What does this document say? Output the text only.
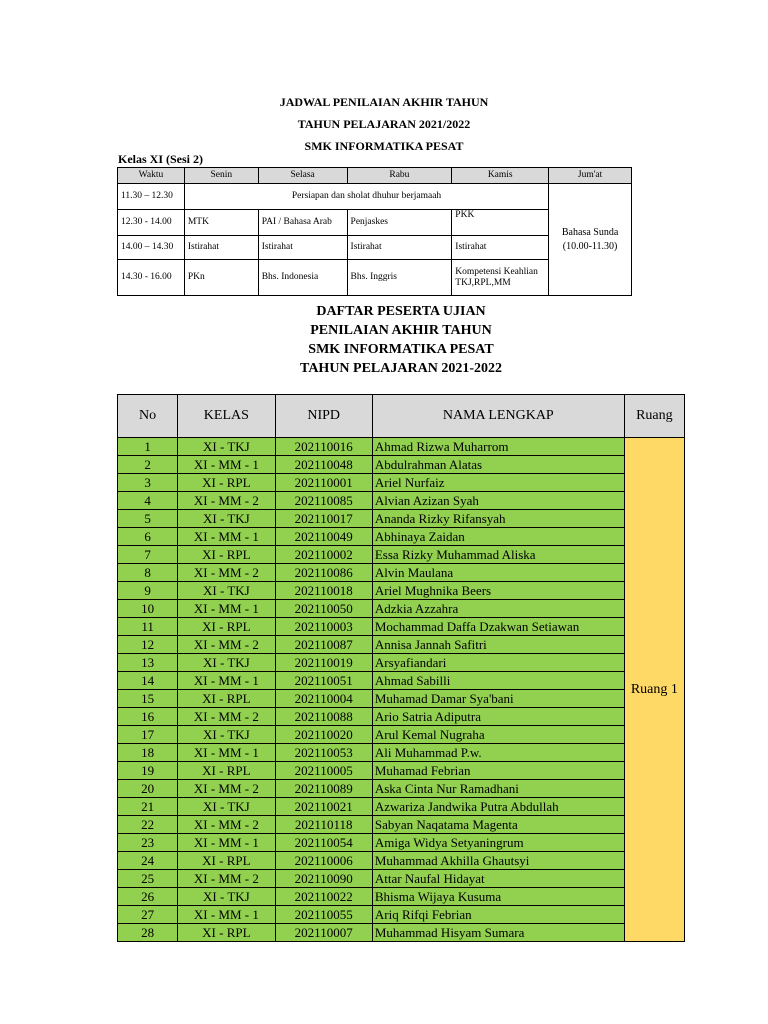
JADWAL PENILAIAN AKHIR TAHUN
TAHUN PELAJARAN 2021/2022
SMK INFORMATIKA PESAT
Kelas XI (Sesi 2)
Waktu	Senin	Selasa	Rabu	Kamis	Jum'at
11.30 – 12.30	Persiapan dan sholat dhuhur berjamaah				Bahasa Sunda
(10.00-11.30)

12.30 - 14.00	MTK	PAI / Bahasa Arab	Penjaskes	PKK	
14.00 – 14.30	Istirahat	Istirahat	Istirahat	Istirahat	
14.30 - 16.00	PKn	Bhs. Indonesia	Bhs. Inggris	Kompetensi Keahlian TKJ,RPL,MM	
DAFTAR PESERTA UJIAN
PENILAIAN AKHIR TAHUN
SMK INFORMATIKA PESAT
TAHUN PELAJARAN 2021-2022
No	KELAS	NIPD	NAMA LENGKAP	Ruang
1	XI - TKJ	202110016	Ahmad Rizwa Muharrom	Ruang 1
2	XI - MM - 1	202110048	Abdulrahman Alatas	
3	XI - RPL	202110001	Ariel Nurfaiz	
4	XI - MM - 2	202110085	Alvian Azizan Syah	
5	XI - TKJ	202110017	Ananda Rizky Rifansyah	
6	XI - MM - 1	202110049	Abhinaya Zaidan	
7	XI - RPL	202110002	Essa Rizky Muhammad Aliska	
8	XI - MM - 2	202110086	Alvin Maulana	
9	XI - TKJ	202110018	Ariel Mughnika Beers	
10	XI - MM - 1	202110050	Adzkia Azzahra	
11	XI - RPL	202110003	Mochammad Daffa Dzakwan Setiawan	
12	XI - MM - 2	202110087	Annisa Jannah Safitri	
13	XI - TKJ	202110019	Arsyafiandari	
14	XI - MM - 1	202110051	Ahmad Sabilli	
15	XI - RPL	202110004	Muhamad Damar Sya'bani	
16	XI - MM - 2	202110088	Ario Satria Adiputra	
17	XI - TKJ	202110020	Arul Kemal Nugraha	
18	XI - MM - 1	202110053	Ali Muhammad P.w.	
19	XI - RPL	202110005	Muhamad Febrian	
20	XI - MM - 2	202110089	Aska Cinta Nur Ramadhani	
21	XI - TKJ	202110021	Azwariza Jandwika Putra Abdullah	
22	XI - MM - 2	202110118	Sabyan Naqatama Magenta	
23	XI - MM - 1	202110054	Amiga Widya Setyaningrum	
24	XI - RPL	202110006	Muhammad Akhilla Ghautsyi	
25	XI - MM - 2	202110090	Attar Naufal Hidayat	
26	XI - TKJ	202110022	Bhisma Wijaya Kusuma	
27	XI - MM - 1	202110055	Ariq Rifqi Febrian	
28	XI - RPL	202110007	Muhammad Hisyam Sumara	
